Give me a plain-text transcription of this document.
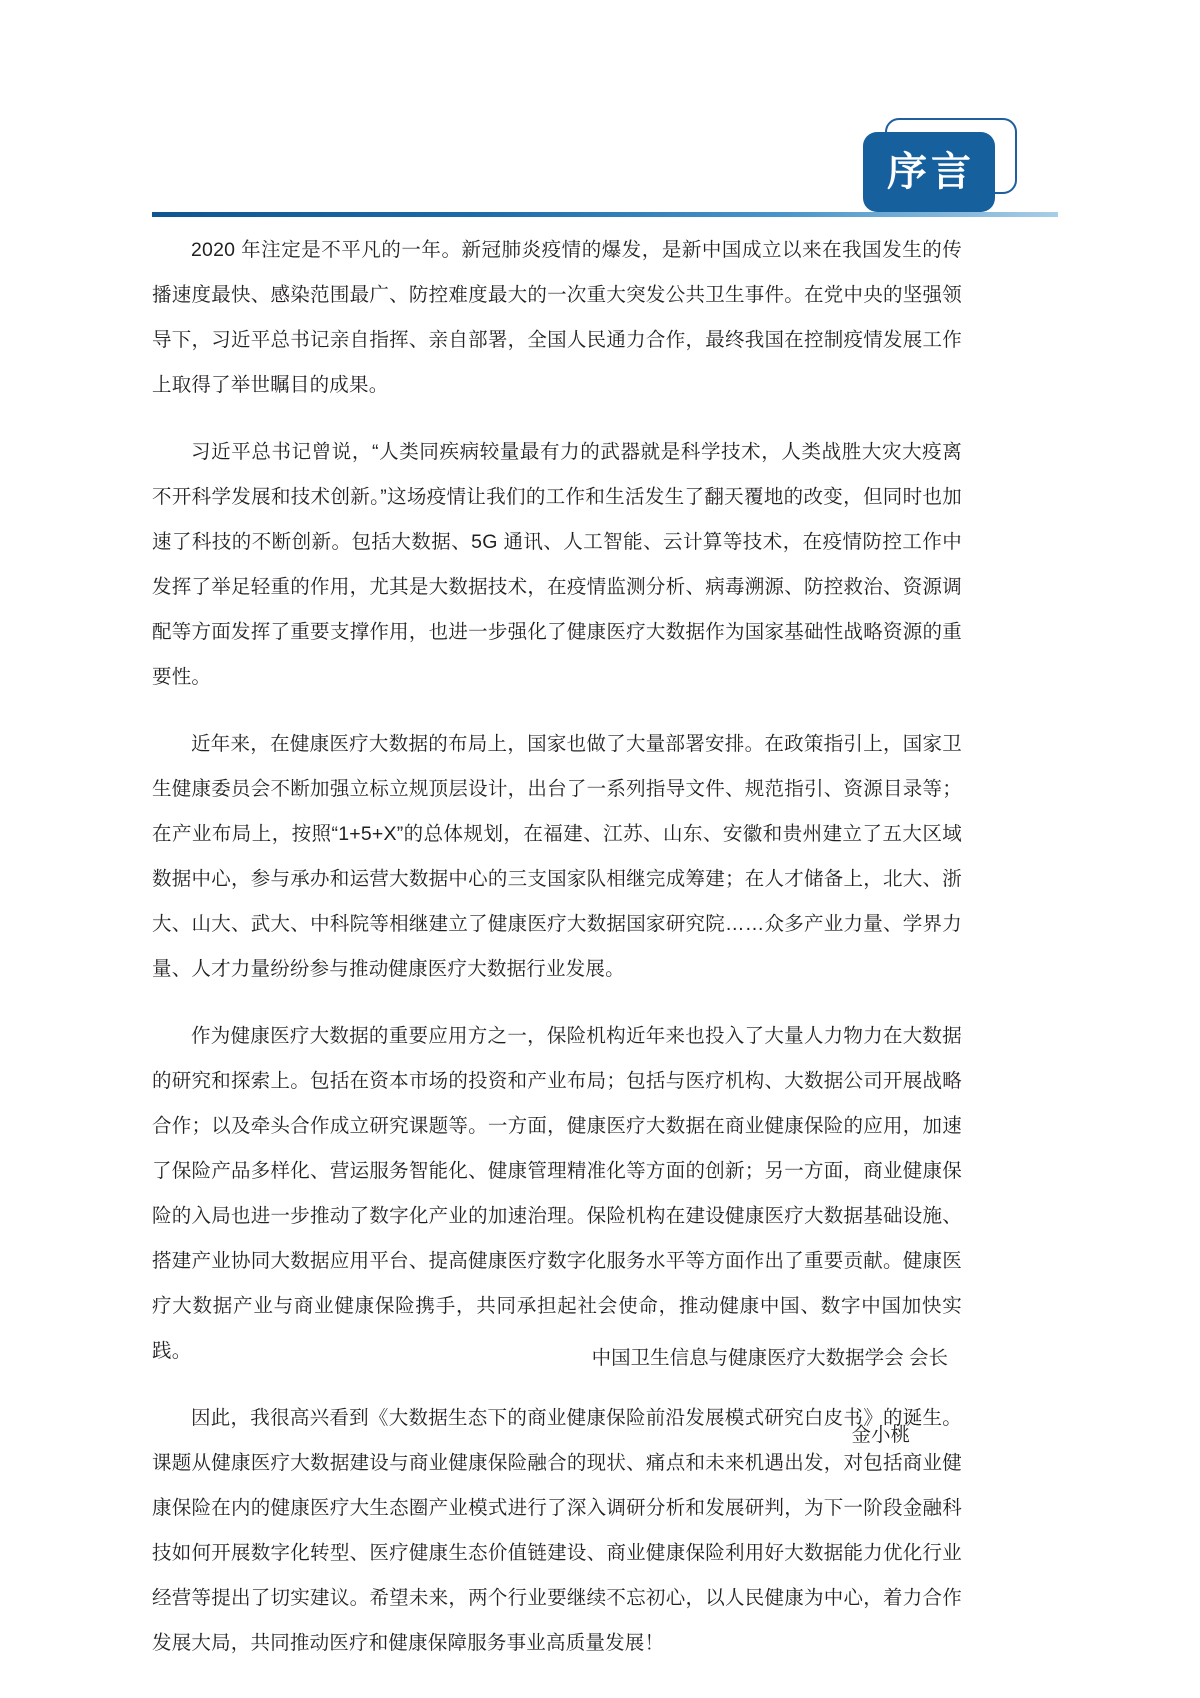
序言

2020 年注定是不平凡的一年。新冠肺炎疫情的爆发，是新中国成立以来在我国发生的传播速度最快、感染范围最广、防控难度最大的一次重大突发公共卫生事件。在党中央的坚强领导下，习近平总书记亲自指挥、亲自部署，全国人民通力合作，最终我国在控制疫情发展工作上取得了举世瞩目的成果。

习近平总书记曾说，“人类同疾病较量最有力的武器就是科学技术，人类战胜大灾大疫离不开科学发展和技术创新。”这场疫情让我们的工作和生活发生了翻天覆地的改变，但同时也加速了科技的不断创新。包括大数据、5G 通讯、人工智能、云计算等技术，在疫情防控工作中发挥了举足轻重的作用，尤其是大数据技术，在疫情监测分析、病毒溯源、防控救治、资源调配等方面发挥了重要支撑作用，也进一步强化了健康医疗大数据作为国家基础性战略资源的重要性。

近年来，在健康医疗大数据的布局上，国家也做了大量部署安排。在政策指引上，国家卫生健康委员会不断加强立标立规顶层设计，出台了一系列指导文件、规范指引、资源目录等；在产业布局上，按照“1+5+X”的总体规划，在福建、江苏、山东、安徽和贵州建立了五大区域数据中心，参与承办和运营大数据中心的三支国家队相继完成筹建；在人才储备上，北大、浙大、山大、武大、中科院等相继建立了健康医疗大数据国家研究院……众多产业力量、学界力量、人才力量纷纷参与推动健康医疗大数据行业发展。

作为健康医疗大数据的重要应用方之一，保险机构近年来也投入了大量人力物力在大数据的研究和探索上。包括在资本市场的投资和产业布局；包括与医疗机构、大数据公司开展战略合作；以及牵头合作成立研究课题等。一方面，健康医疗大数据在商业健康保险的应用，加速了保险产品多样化、营运服务智能化、健康管理精准化等方面的创新；另一方面，商业健康保险的入局也进一步推动了数字化产业的加速治理。保险机构在建设健康医疗大数据基础设施、搭建产业协同大数据应用平台、提高健康医疗数字化服务水平等方面作出了重要贡献。健康医疗大数据产业与商业健康保险携手，共同承担起社会使命，推动健康中国、数字中国加快实践。

因此，我很高兴看到《大数据生态下的商业健康保险前沿发展模式研究白皮书》的诞生。课题从健康医疗大数据建设与商业健康保险融合的现状、痛点和未来机遇出发，对包括商业健康保险在内的健康医疗大生态圈产业模式进行了深入调研分析和发展研判，为下一阶段金融科技如何开展数字化转型、医疗健康生态价值链建设、商业健康保险利用好大数据能力优化行业经营等提出了切实建议。希望未来，两个行业要继续不忘初心，以人民健康为中心，着力合作发展大局，共同推动医疗和健康保障服务事业高质量发展！

中国卫生信息与健康医疗大数据学会 会长
金小桃
